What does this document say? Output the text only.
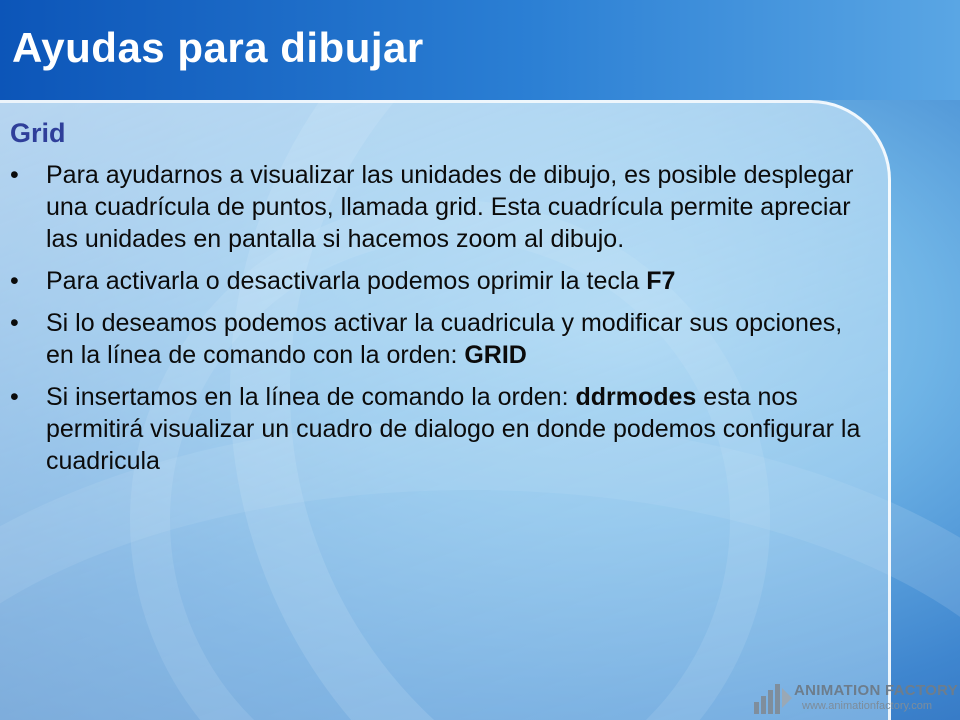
Ayudas para dibujar
Grid
• Para ayudarnos a visualizar las unidades de dibujo, es posible desplegar una cuadrícula de puntos, llamada grid. Esta cuadrícula permite apreciar las unidades en pantalla si hacemos zoom al dibujo.
• Para activarla o desactivarla podemos oprimir la tecla F7
• Si lo deseamos podemos activar la cuadricula y modificar sus opciones, en la línea de comando con la orden: GRID
• Si insertamos en la línea de comando la orden: ddrmodes esta nos permitirá visualizar un cuadro de dialogo en donde podemos configurar la cuadricula
ANIMATION FACTORY
www.animationfactory.com
